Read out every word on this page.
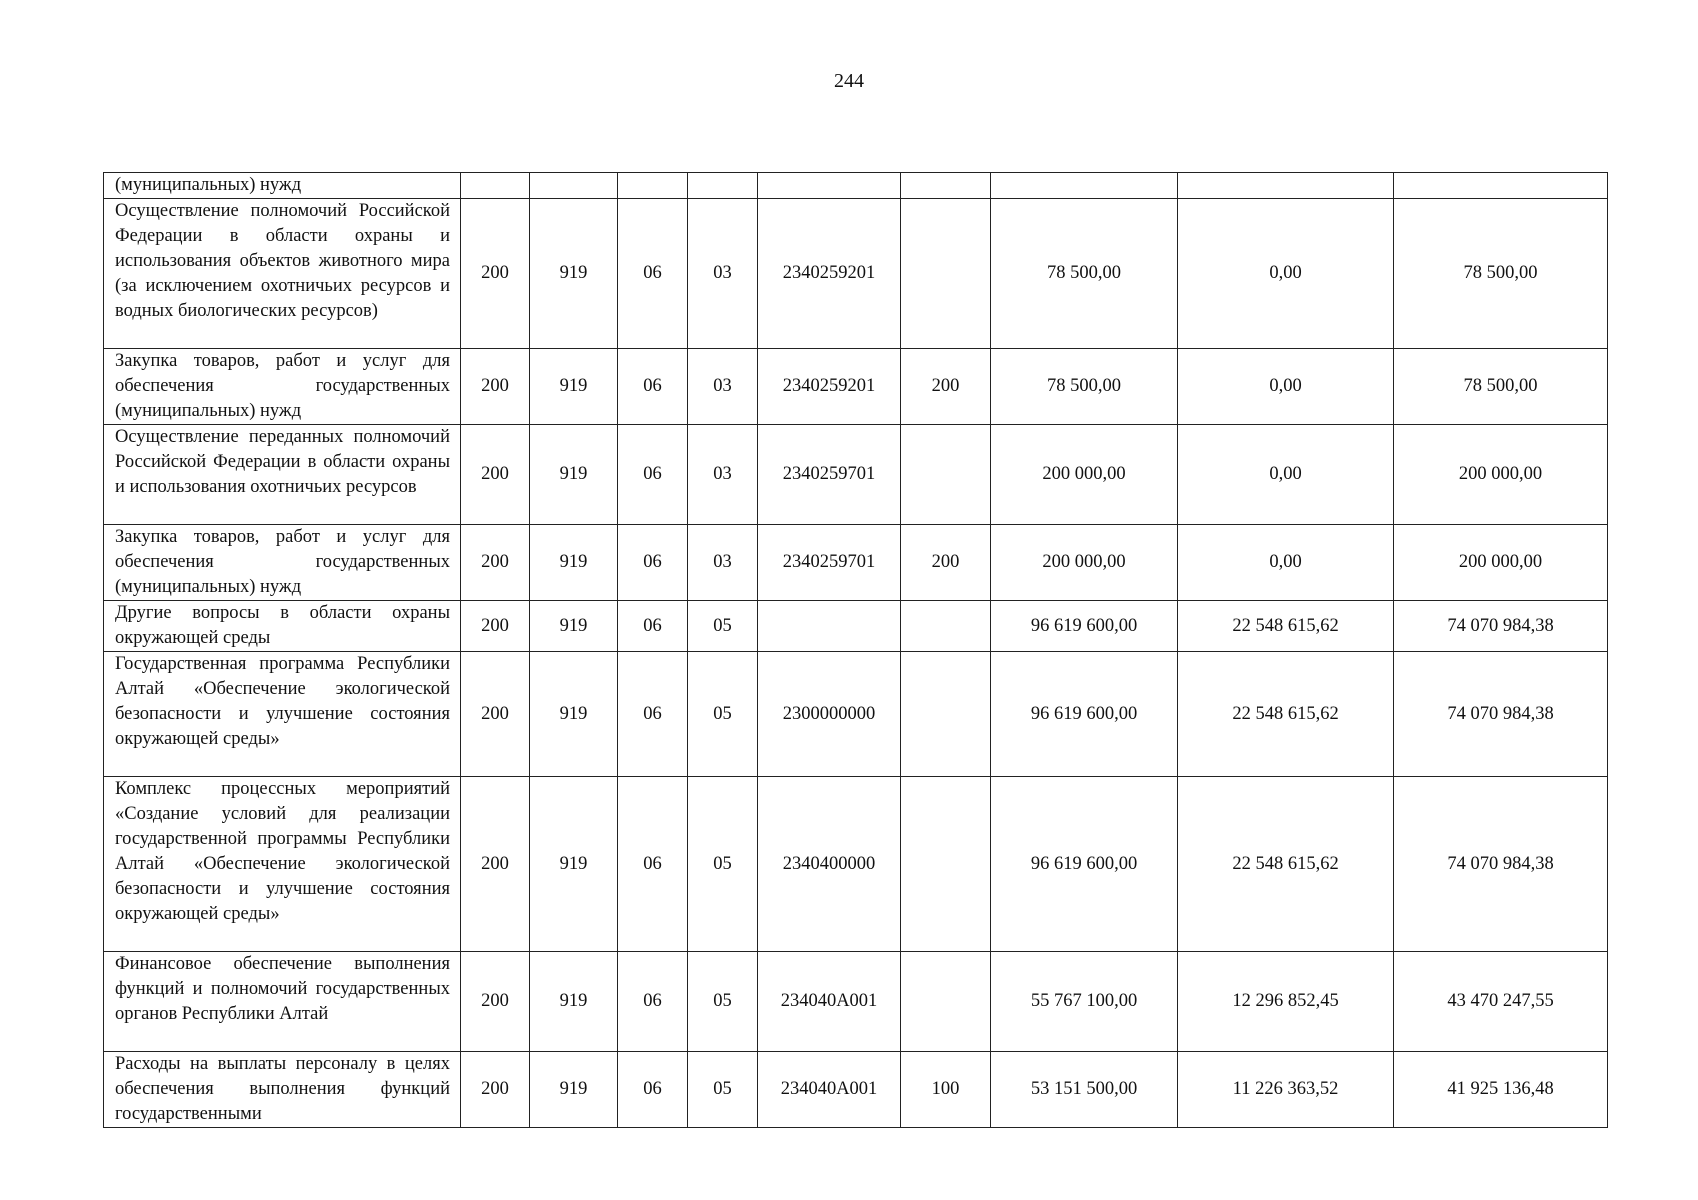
244
(муниципальных) нужд									
Осуществление полномочий Российской Федерации в области охраны и использования объектов животного мира (за исключением охотничьих ресурсов и водных биологических ресурсов)	200	919	06	03	2340259201		78 500,00	0,00	78 500,00
Закупка товаров, работ и услуг для обеспечения государственных (муниципальных) нужд	200	919	06	03	2340259201	200	78 500,00	0,00	78 500,00
Осуществление переданных полномочий Российской Федерации в области охраны и использования охотничьих ресурсов	200	919	06	03	2340259701		200 000,00	0,00	200 000,00
Закупка товаров, работ и услуг для обеспечения государственных (муниципальных) нужд	200	919	06	03	2340259701	200	200 000,00	0,00	200 000,00
Другие вопросы в области охраны окружающей среды	200	919	06	05			96 619 600,00	22 548 615,62	74 070 984,38
Государственная программа Республики Алтай «Обеспечение экологической безопасности и улучшение состояния окружающей среды»	200	919	06	05	2300000000		96 619 600,00	22 548 615,62	74 070 984,38
Комплекс процессных мероприятий «Создание условий для реализации государственной программы Республики Алтай «Обеспечение экологической безопасности и улучшение состояния окружающей среды»	200	919	06	05	2340400000		96 619 600,00	22 548 615,62	74 070 984,38
Финансовое обеспечение выполнения функций и полномочий государственных органов Республики Алтай	200	919	06	05	234040А001		55 767 100,00	12 296 852,45	43 470 247,55
Расходы на выплаты персоналу в целях обеспечения выполнения функций государственными	200	919	06	05	234040А001	100	53 151 500,00	11 226 363,52	41 925 136,48
